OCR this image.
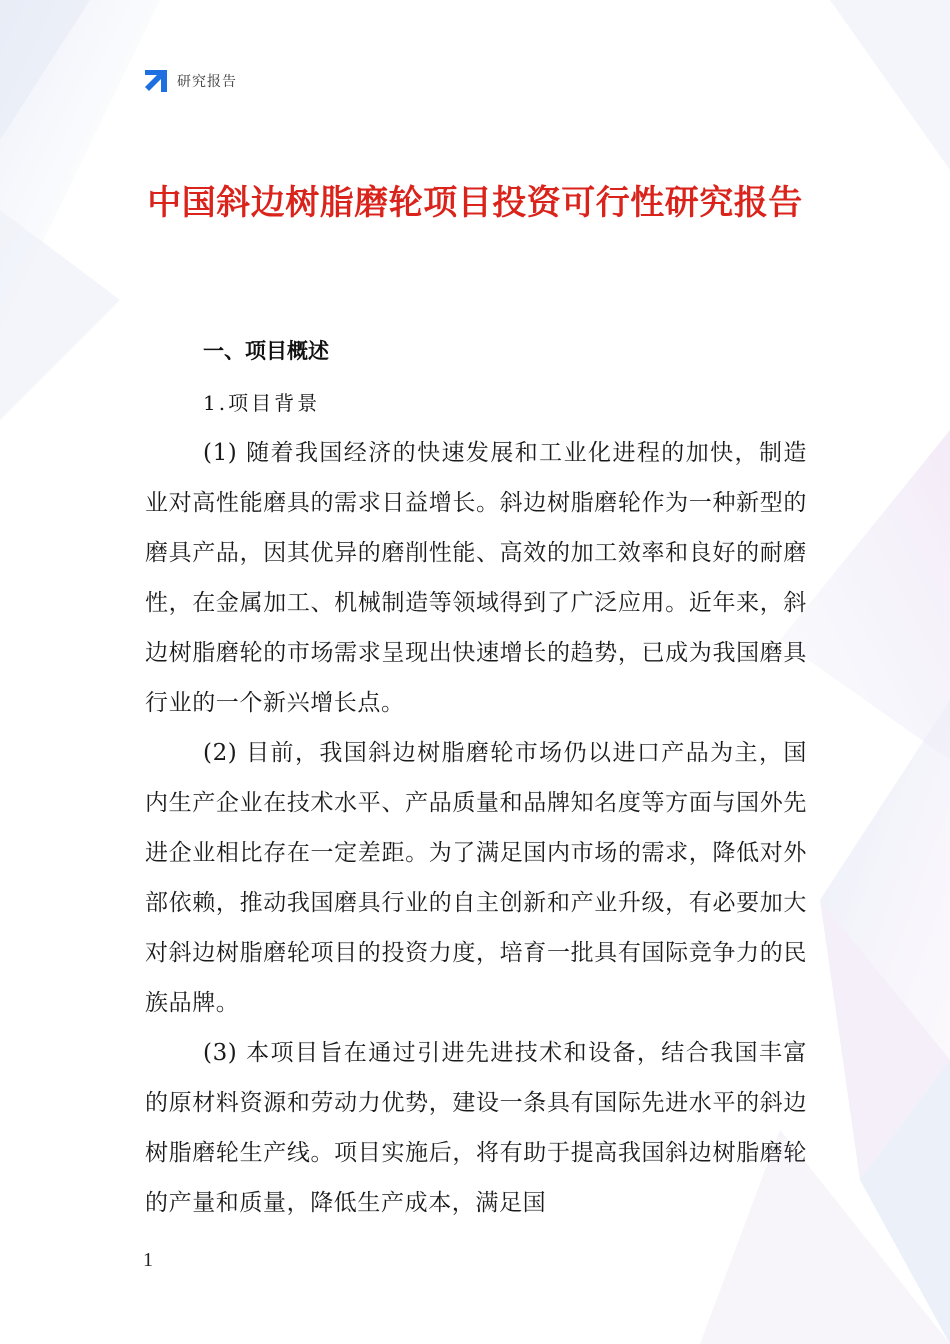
研究报告
中国斜边树脂磨轮项目投资可行性研究报告
一、项目概述
1.项目背景

(1) 随着我国经济的快速发展和工业化进程的加快，制造业对高性能磨具的需求日益增长。斜边树脂磨轮作为一种新型的磨具产品，因其优异的磨削性能、高效的加工效率和良好的耐磨性，在金属加工、机械制造等领域得到了广泛应用。近年来，斜边树脂磨轮的市场需求呈现出快速增长的趋势，已成为我国磨具行业的一个新兴增长点。

(2) 目前，我国斜边树脂磨轮市场仍以进口产品为主，国内生产企业在技术水平、产品质量和品牌知名度等方面与国外先进企业相比存在一定差距。为了满足国内市场的需求，降低对外部依赖，推动我国磨具行业的自主创新和产业升级，有必要加大对斜边树脂磨轮项目的投资力度，培育一批具有国际竞争力的民族品牌。

(3) 本项目旨在通过引进先进技术和设备，结合我国丰富的原材料资源和劳动力优势，建设一条具有国际先进水平的斜边树脂磨轮生产线。项目实施后，将有助于提高我国斜边树脂磨轮的产量和质量，降低生产成本，满足国

1
